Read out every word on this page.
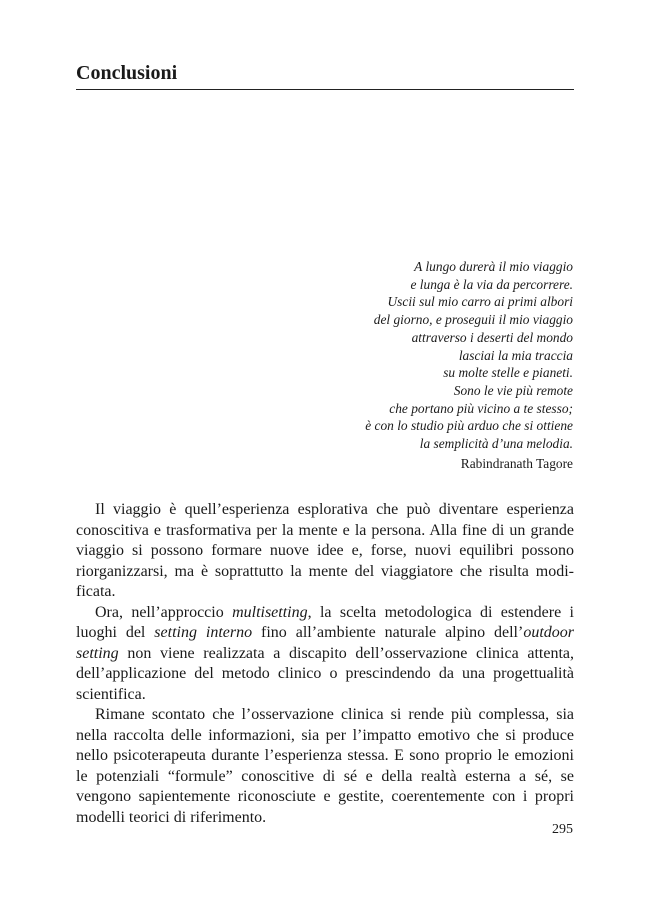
Conclusioni
A lungo durerà il mio viaggio
e lunga è la via da percorrere.
Uscii sul mio carro ai primi albori
del giorno, e proseguii il mio viaggio
attraverso i deserti del mondo
lasciai la mia traccia
su molte stelle e pianeti.
Sono le vie più remote
che portano più vicino a te stesso;
è con lo studio più arduo che si ottiene
la semplicità d’una melodia.
Rabindranath Tagore

Il viaggio è quell’esperienza esplorativa che può diventare esperienza conoscitiva e trasformativa per la mente e la persona. Alla fine di un grande viaggio si possono formare nuove idee e, forse, nuovi equilibri possono riorganizzarsi, ma è soprattutto la mente del viaggiatore che risulta modificata.

Ora, nell’approccio multisetting, la scelta metodologica di estendere i luoghi del setting interno fino all’ambiente naturale alpino dell’outdoor setting non viene realizzata a discapito dell’osservazione clinica attenta, dell’applicazione del metodo clinico o prescindendo da una progettualità scientifica.

Rimane scontato che l’osservazione clinica si rende più complessa, sia nella raccolta delle informazioni, sia per l’impatto emotivo che si produce nello psicoterapeuta durante l’esperienza stessa. E sono proprio le emozioni le potenziali “formule” conoscitive di sé e della realtà esterna a sé, se vengono sapientemente riconosciute e gestite, coerentemente con i propri modelli teorici di riferimento.

295
